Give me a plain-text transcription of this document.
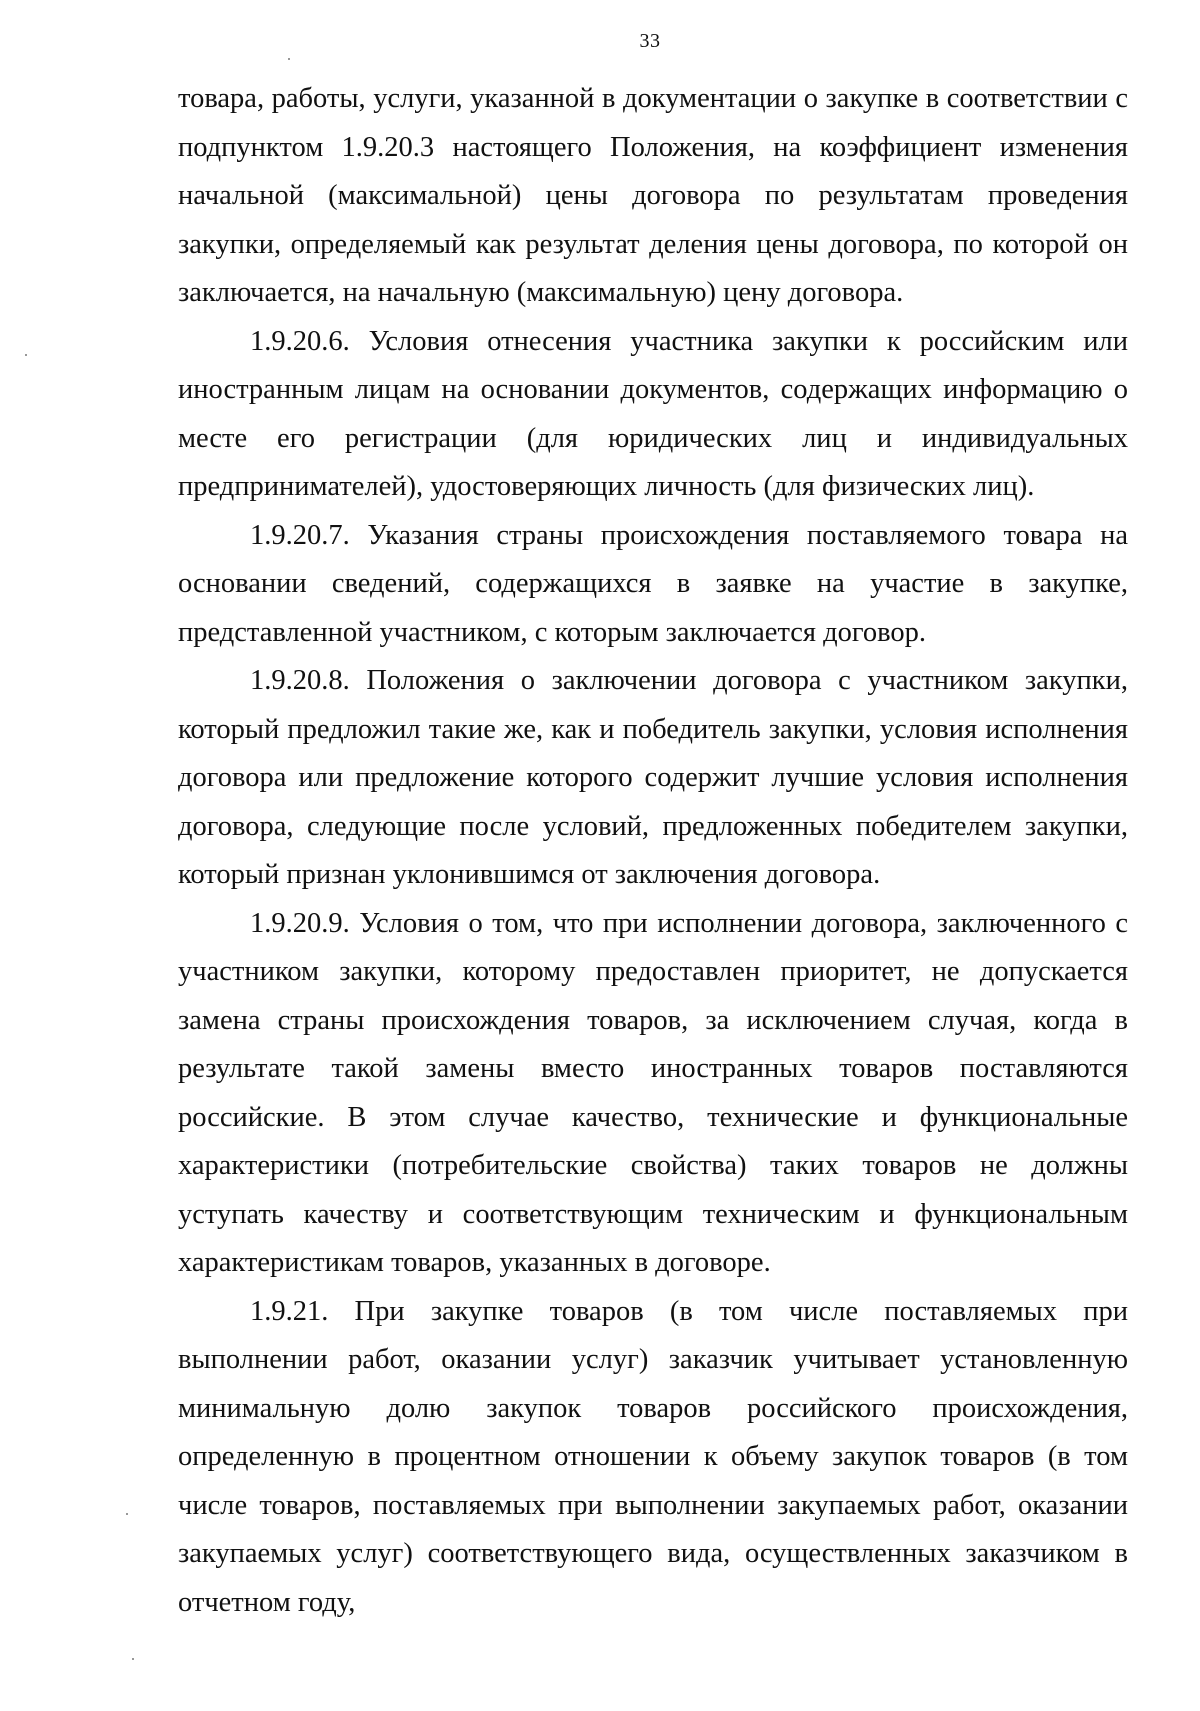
33

товара, работы, услуги, указанной в документации о закупке в соответствии с подпунктом 1.9.20.3 настоящего Положения, на коэффициент изменения начальной (максимальной) цены договора по результатам проведения закупки, определяемый как результат деления цены договора, по которой он заключается, на начальную (максимальную) цену договора.

1.9.20.6. Условия отнесения участника закупки к российским или иностранным лицам на основании документов, содержащих информацию о месте его регистрации (для юридических лиц и индивидуальных предпринимателей), удостоверяющих личность (для физических лиц).

1.9.20.7. Указания страны происхождения поставляемого товара на основании сведений, содержащихся в заявке на участие в закупке, представленной участником, с которым заключается договор.

1.9.20.8. Положения о заключении договора с участником закупки, который предложил такие же, как и победитель закупки, условия исполнения договора или предложение которого содержит лучшие условия исполнения договора, следующие после условий, предложенных победителем закупки, который признан уклонившимся от заключения договора.

1.9.20.9. Условия о том, что при исполнении договора, заключенного с участником закупки, которому предоставлен приоритет, не допускается замена страны происхождения товаров, за исключением случая, когда в результате такой замены вместо иностранных товаров поставляются российские. В этом случае качество, технические и функциональные характеристики (потребительские свойства) таких товаров не должны уступать качеству и соответствующим техническим и функциональным характеристикам товаров, указанных в договоре.

1.9.21. При закупке товаров (в том числе поставляемых при выполнении работ, оказании услуг) заказчик учитывает установленную минимальную долю закупок товаров российского происхождения, определенную в процентном отношении к объему закупок товаров (в том числе товаров, поставляемых при выполнении закупаемых работ, оказании закупаемых услуг) соответствующего вида, осуществленных заказчиком в отчетном году,
